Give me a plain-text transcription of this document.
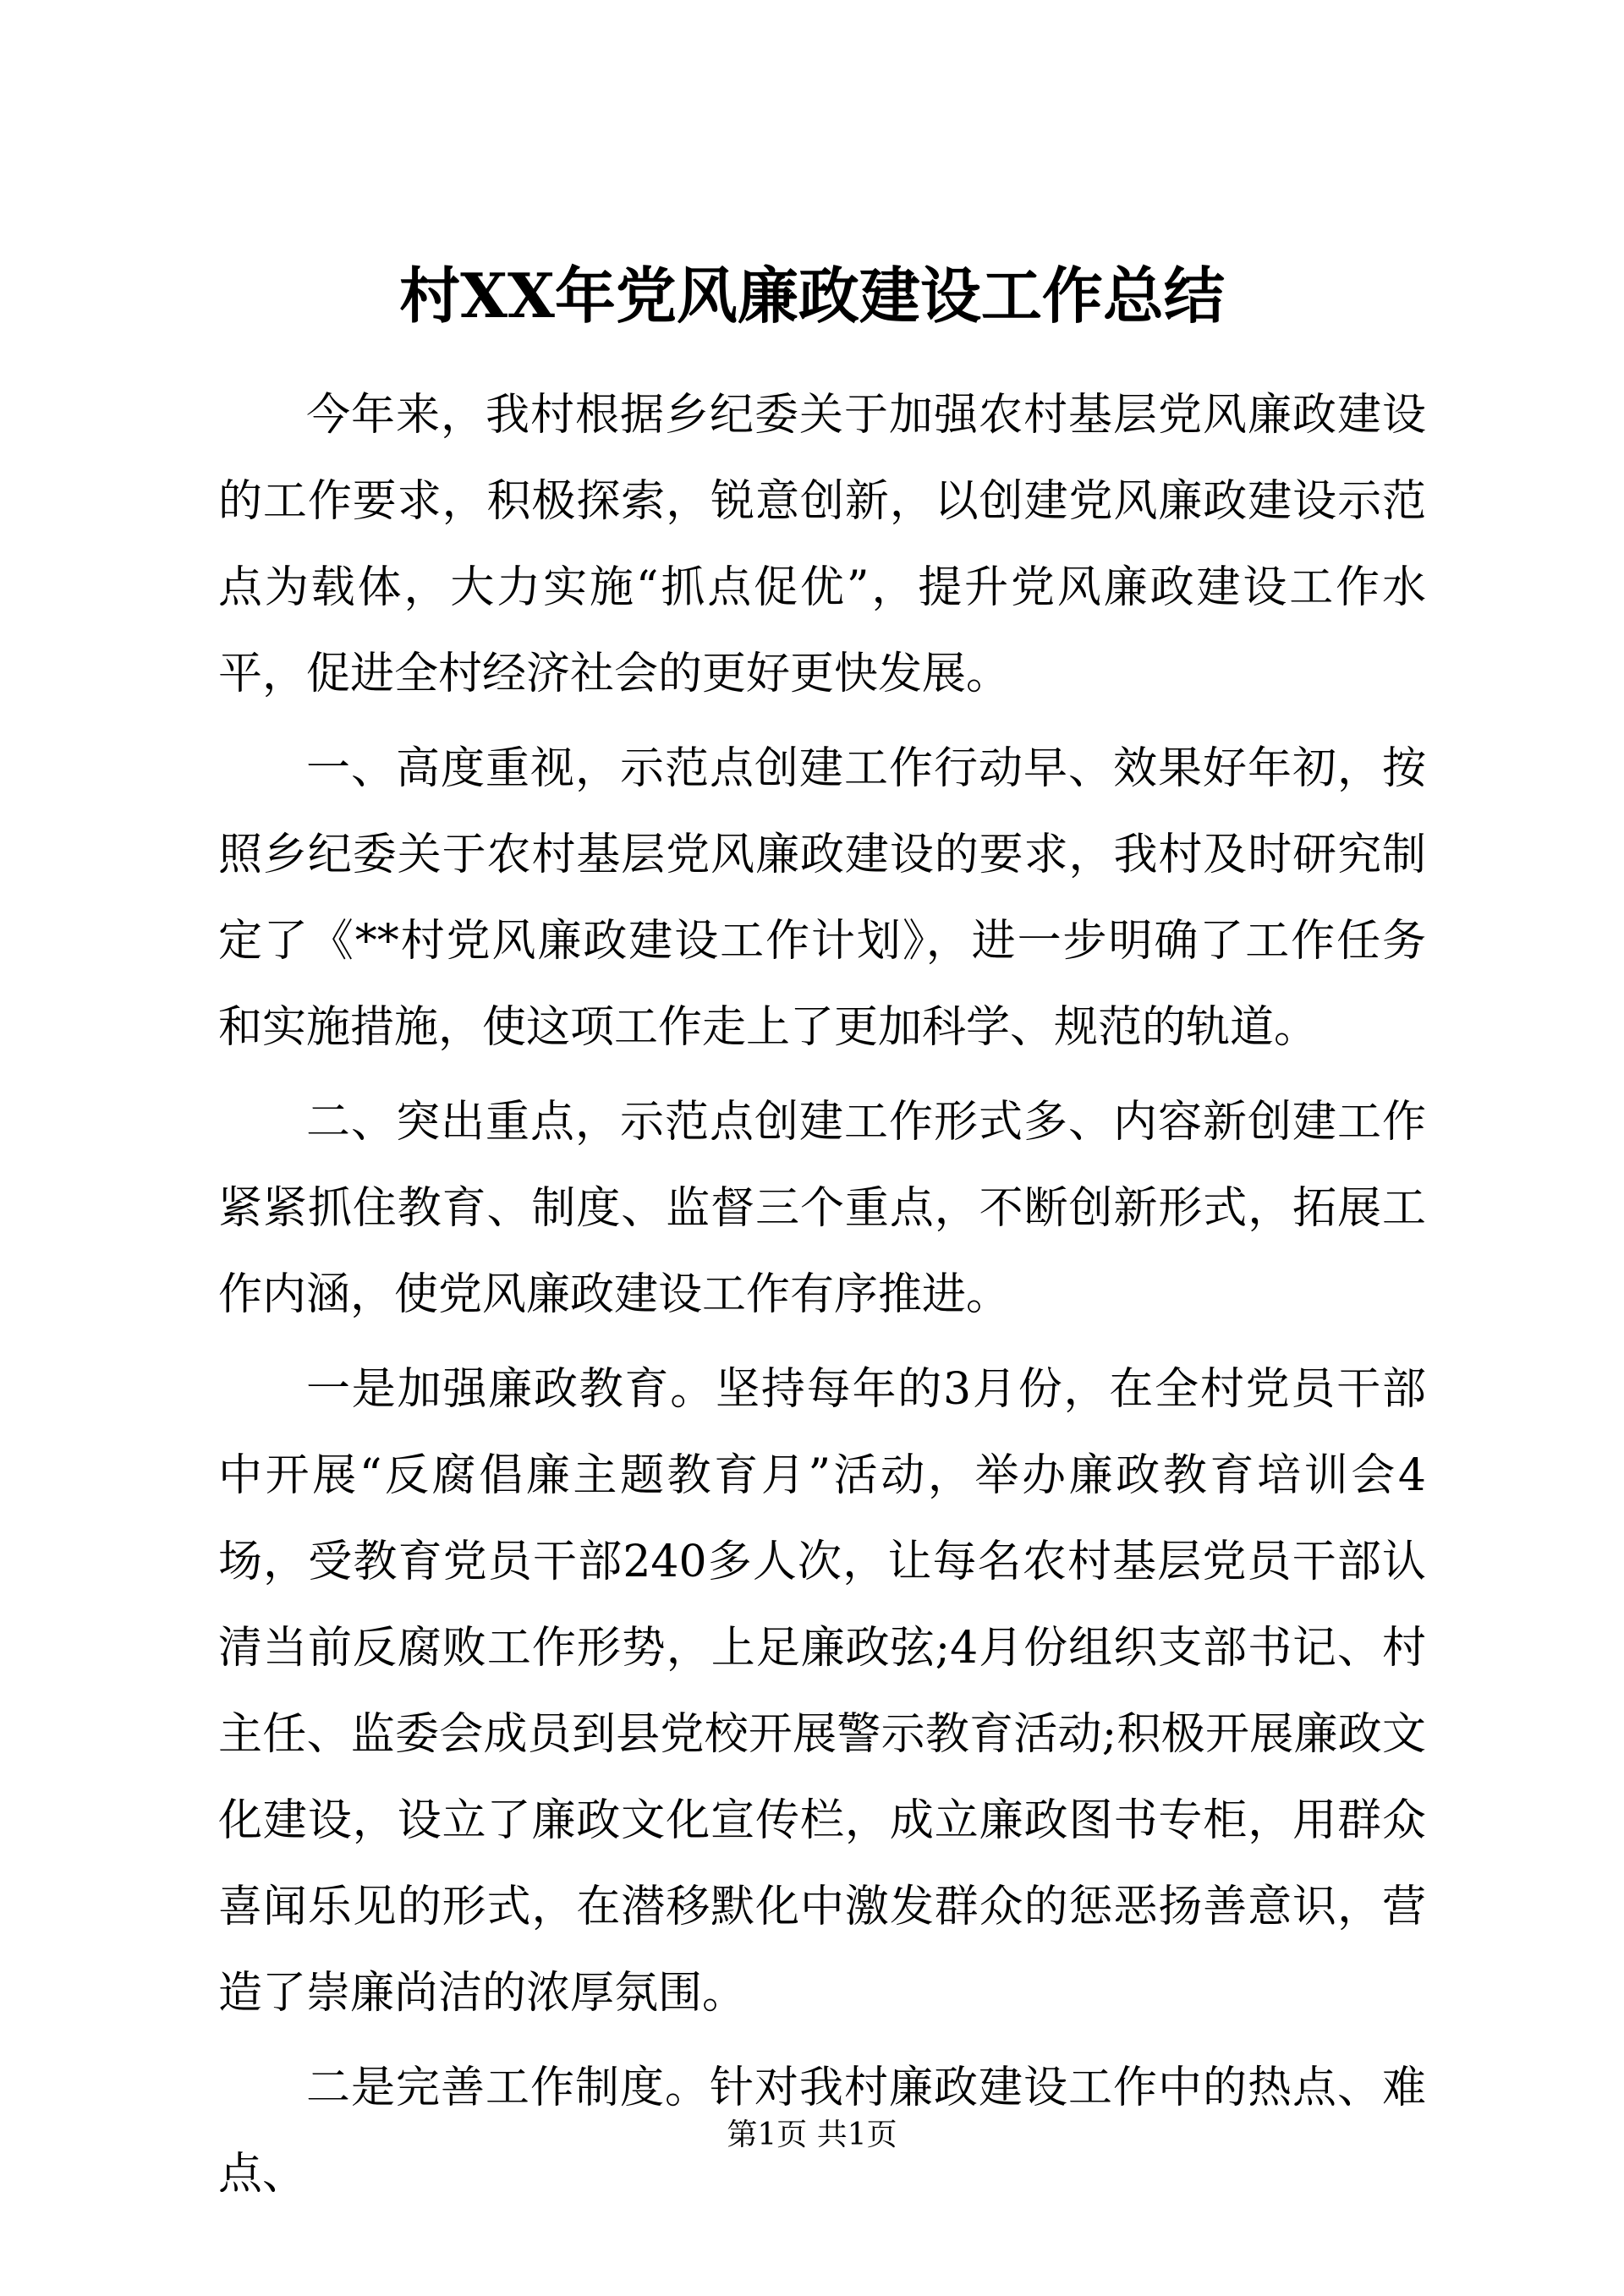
村XX年党风廉政建设工作总结

今年来，我村根据乡纪委关于加强农村基层党风廉政建设的工作要求，积极探索，锐意创新，以创建党风廉政建设示范点为载体，大力实施“抓点促优”，提升党风廉政建设工作水平，促进全村经济社会的更好更快发展。

一、高度重视，示范点创建工作行动早、效果好年初，按照乡纪委关于农村基层党风廉政建设的要求，我村及时研究制定了《**村党风廉政建设工作计划》，进一步明确了工作任务和实施措施，使这项工作走上了更加科学、规范的轨道。

二、突出重点，示范点创建工作形式多、内容新创建工作紧紧抓住教育、制度、监督三个重点，不断创新形式，拓展工作内涵，使党风廉政建设工作有序推进。

一是加强廉政教育。坚持每年的3月份，在全村党员干部中开展“反腐倡廉主题教育月”活动，举办廉政教育培训会4场，受教育党员干部240多人次，让每名农村基层党员干部认清当前反腐败工作形势，上足廉政弦;4月份组织支部书记、村主任、监委会成员到县党校开展警示教育活动;积极开展廉政文化建设，设立了廉政文化宣传栏，成立廉政图书专柜，用群众喜闻乐见的形式，在潜移默化中激发群众的惩恶扬善意识，营造了崇廉尚洁的浓厚氛围。

二是完善工作制度。针对我村廉政建设工作中的热点、难点、

第1页 共1页
